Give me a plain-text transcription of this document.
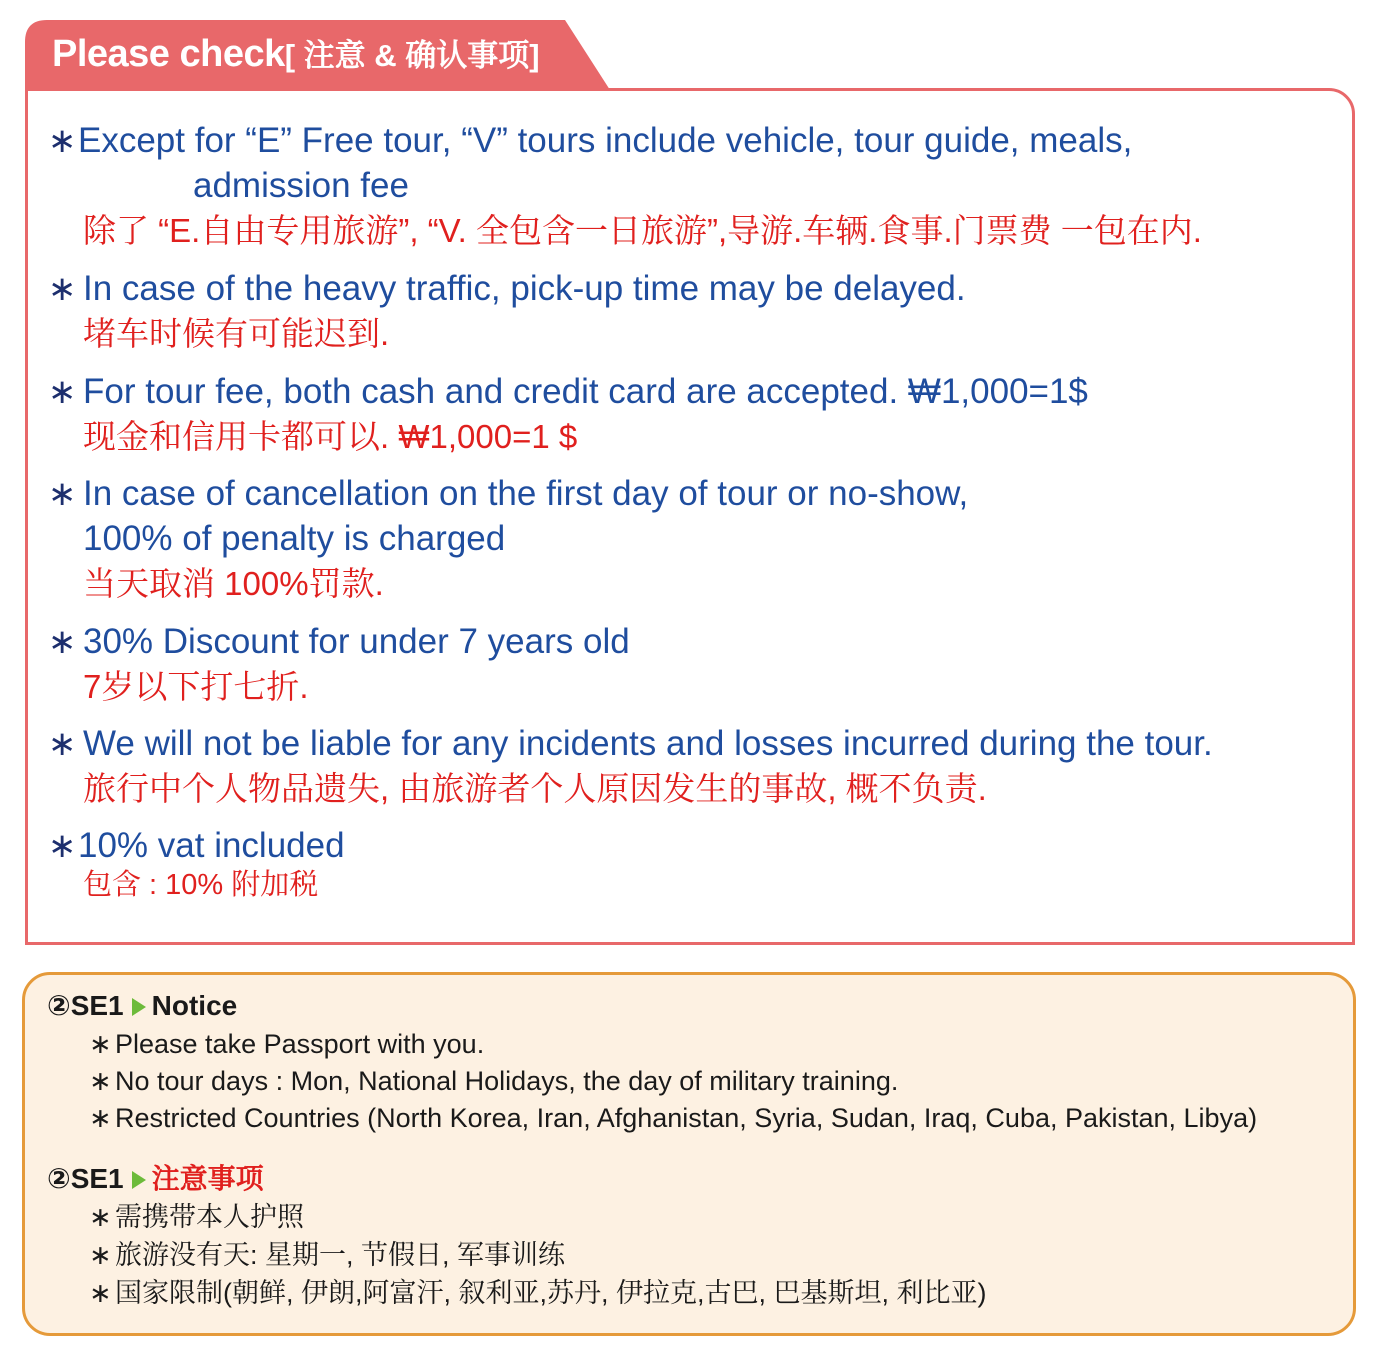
Please check[ 注意 & 确认事项]
∗ Except for “E” Free tour, “V” tours include vehicle, tour guide, meals,
admission fee
除了 “E.自由专用旅游”, “V. 全包含一日旅游”,导游.车辆.食事.门票费 一包在内.
∗ In case of the heavy traffic, pick-up time may be delayed.
堵车时候有可能迟到.
∗ For tour fee, both cash and credit card are accepted. ₩1,000=1$
现金和信用卡都可以. ₩1,000=1 $
∗ In case of cancellation on the first day of tour or no-show,
100% of penalty is charged
当天取消 100%罚款.
∗ 30% Discount for under 7 years old
7岁以下打七折.
∗ We will not be liable for any incidents and losses incurred during the tour.
旅行中个人物品遗失, 由旅游者个人原因发生的事故, 概不负责.
∗ 10% vat included
包含 : 10% 附加税
②SE1 Notice
∗ Please take Passport with you.
∗ No tour days : Mon, National Holidays, the day of military training.
∗ Restricted Countries (North Korea, Iran, Afghanistan, Syria, Sudan, Iraq, Cuba, Pakistan, Libya)
②SE1 注意事项
∗ 需携带本人护照
∗ 旅游没有天: 星期一, 节假日, 军事训练
∗ 国家限制(朝鲜, 伊朗,阿富汗, 叙利亚,苏丹, 伊拉克,古巴, 巴基斯坦, 利比亚)
